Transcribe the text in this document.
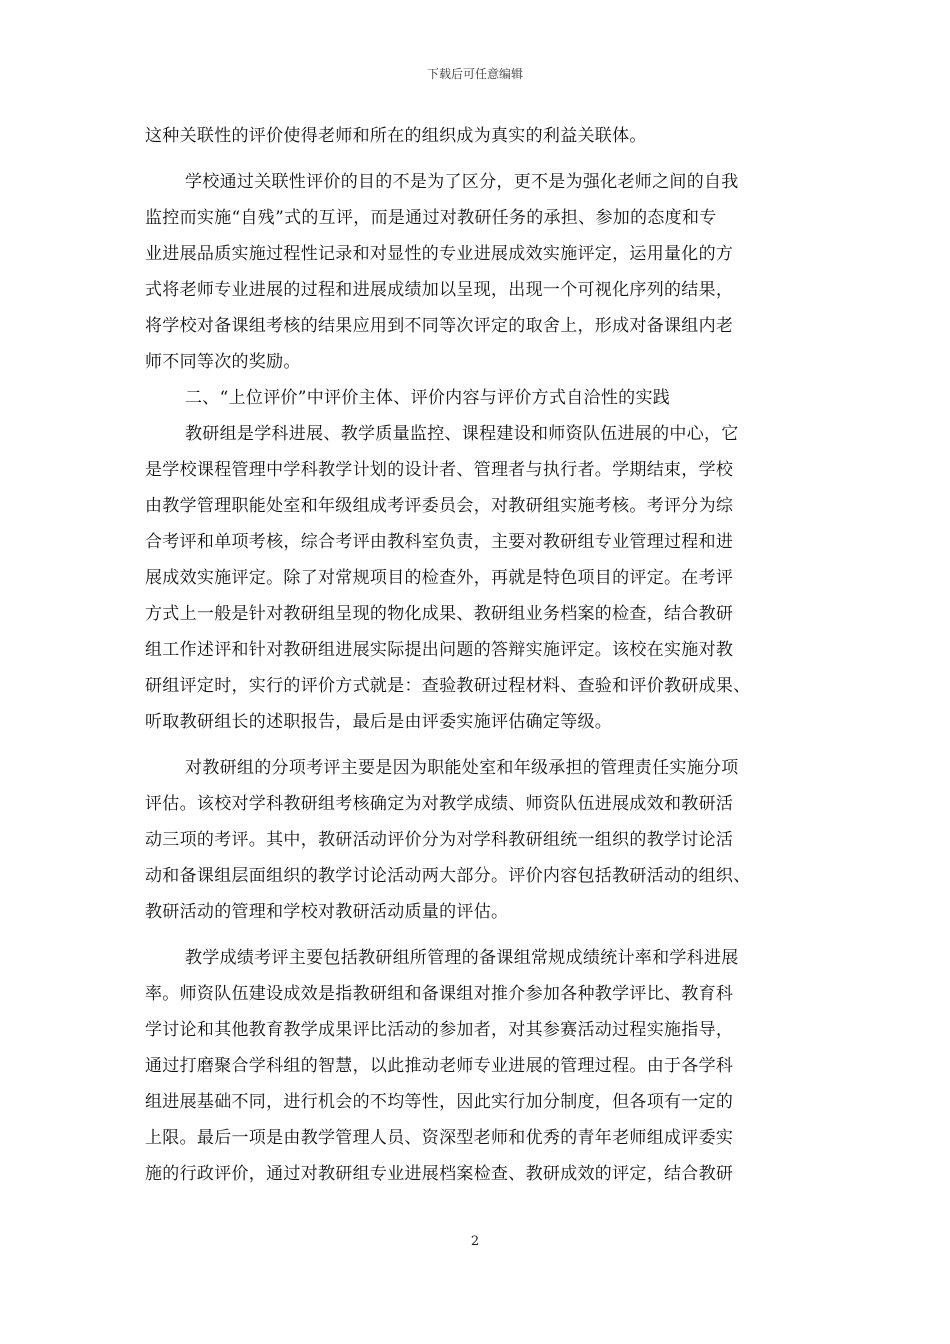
下载后可任意编辑
这种关联性的评价使得老师和所在的组织成为真实的利益关联体。
学校通过关联性评价的目的不是为了区分，更不是为强化老师之间的自我
监控而实施“自残”式的互评，而是通过对教研任务的承担、参加的态度和专
业进展品质实施过程性记录和对显性的专业进展成效实施评定，运用量化的方
式将老师专业进展的过程和进展成绩加以呈现，出现一个可视化序列的结果，
将学校对备课组考核的结果应用到不同等次评定的取舍上，形成对备课组内老
师不同等次的奖励。
二、“上位评价”中评价主体、评价内容与评价方式自洽性的实践
教研组是学科进展、教学质量监控、课程建设和师资队伍进展的中心，它
是学校课程管理中学科教学计划的设计者、管理者与执行者。学期结束，学校
由教学管理职能处室和年级组成考评委员会，对教研组实施考核。考评分为综
合考评和单项考核，综合考评由教科室负责，主要对教研组专业管理过程和进
展成效实施评定。除了对常规项目的检查外，再就是特色项目的评定。在考评
方式上一般是针对教研组呈现的物化成果、教研组业务档案的检查，结合教研
组工作述评和针对教研组进展实际提出问题的答辩实施评定。该校在实施对教
研组评定时，实行的评价方式就是：查验教研过程材料、查验和评价教研成果、
听取教研组长的述职报告，最后是由评委实施评估确定等级。
对教研组的分项考评主要是因为职能处室和年级承担的管理责任实施分项
评估。该校对学科教研组考核确定为对教学成绩、师资队伍进展成效和教研活
动三项的考评。其中，教研活动评价分为对学科教研组统一组织的教学讨论活
动和备课组层面组织的教学讨论活动两大部分。评价内容包括教研活动的组织、
教研活动的管理和学校对教研活动质量的评估。
教学成绩考评主要包括教研组所管理的备课组常规成绩统计率和学科进展
率。师资队伍建设成效是指教研组和备课组对推介参加各种教学评比、教育科
学讨论和其他教育教学成果评比活动的参加者，对其参赛活动过程实施指导，
通过打磨聚合学科组的智慧，以此推动老师专业进展的管理过程。由于各学科
组进展基础不同，进行机会的不均等性，因此实行加分制度，但各项有一定的
上限。最后一项是由教学管理人员、资深型老师和优秀的青年老师组成评委实
施的行政评价，通过对教研组专业进展档案检查、教研成效的评定，结合教研
2
